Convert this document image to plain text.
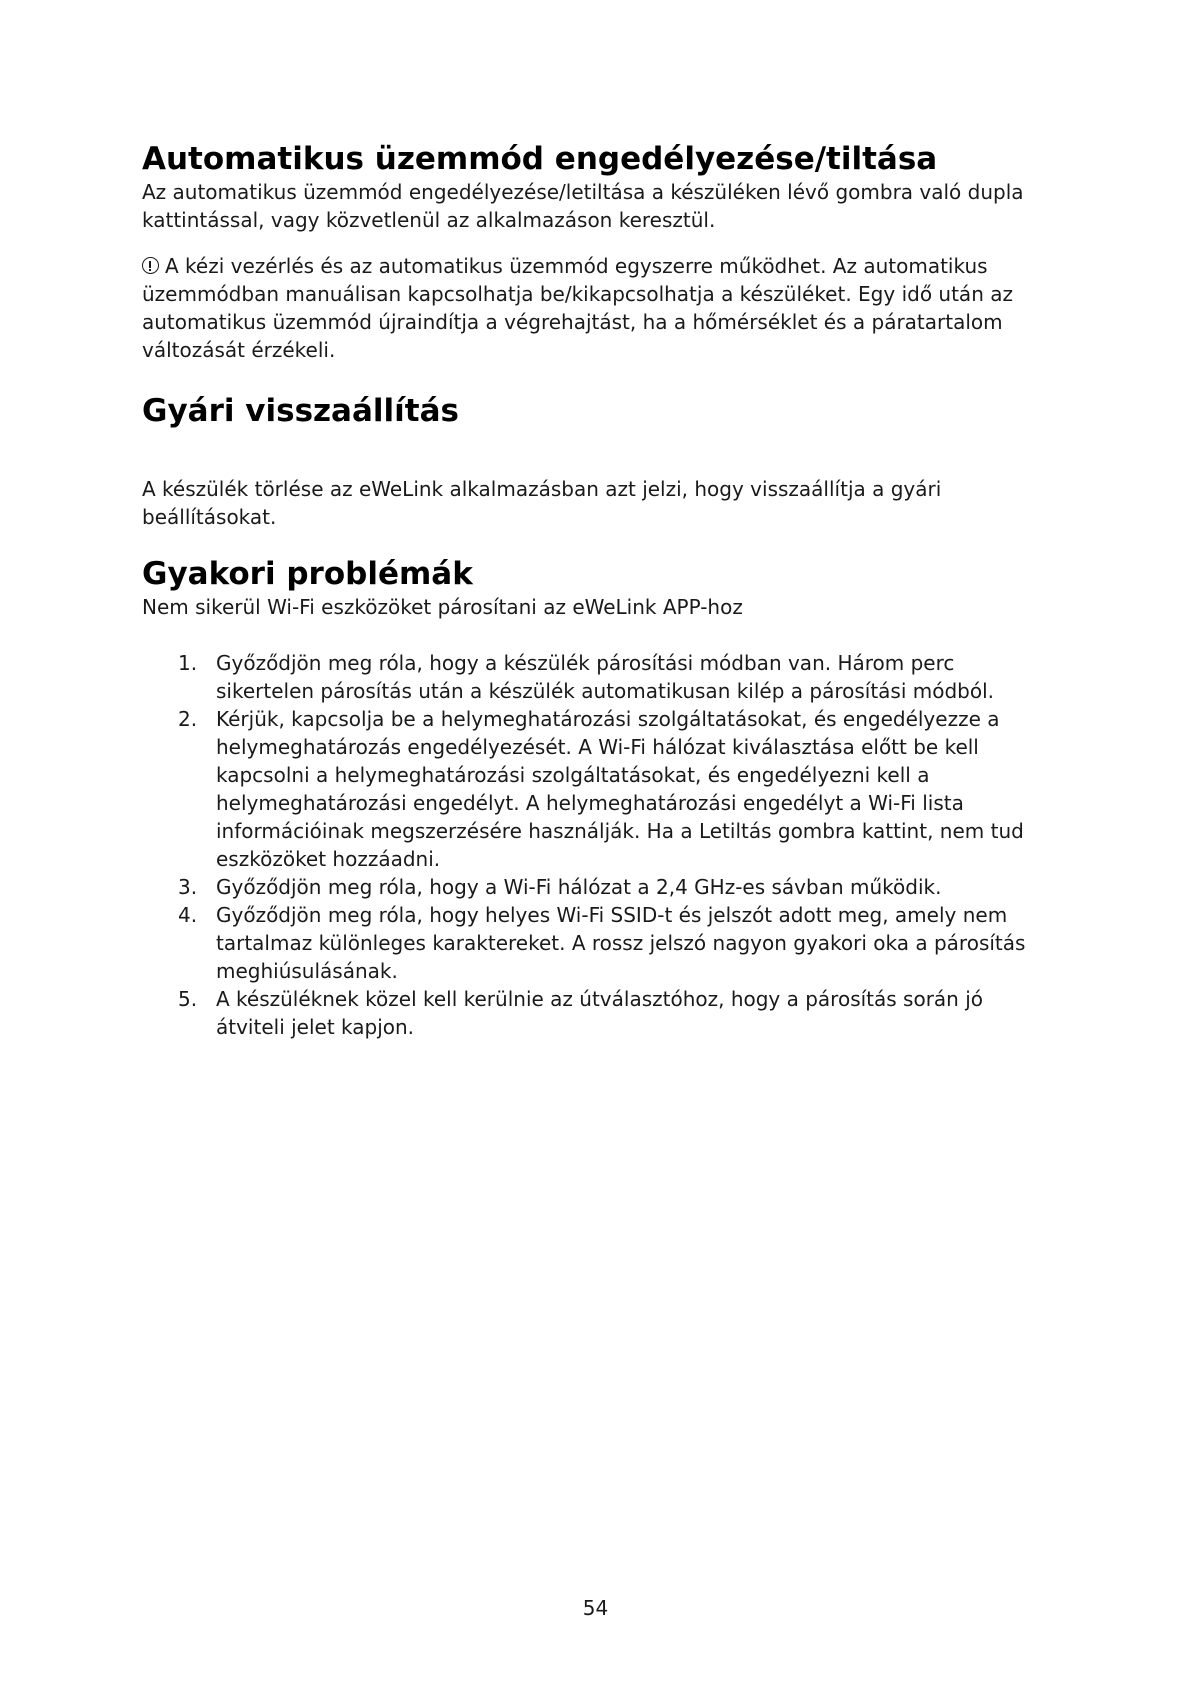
Automatikus üzemmód engedélyezése/tiltása

Az automatikus üzemmód engedélyezése/letiltása a készüléken lévő gombra való dupla kattintással, vagy közvetlenül az alkalmazáson keresztül.

A kézi vezérlés és az automatikus üzemmód egyszerre működhet. Az automatikus üzemmódban manuálisan kapcsolhatja be/kikapcsolhatja a készüléket. Egy idő után az automatikus üzemmód újraindítja a végrehajtást, ha a hőmérséklet és a páratartalom változását érzékeli.

Gyári visszaállítás

A készülék törlése az eWeLink alkalmazásban azt jelzi, hogy visszaállítja a gyári beállításokat.

Gyakori problémák

Nem sikerül Wi-Fi eszközöket párosítani az eWeLink APP-hoz

1. Győződjön meg róla, hogy a készülék párosítási módban van. Három perc sikertelen párosítás után a készülék automatikusan kilép a párosítási módból.
2. Kérjük, kapcsolja be a helymeghatározási szolgáltatásokat, és engedélyezze a helymeghatározás engedélyezését. A Wi-Fi hálózat kiválasztása előtt be kell kapcsolni a helymeghatározási szolgáltatásokat, és engedélyezni kell a helymeghatározási engedélyt. A helymeghatározási engedélyt a Wi-Fi lista információinak megszerzésére használják. Ha a Letiltás gombra kattint, nem tud eszközöket hozzáadni.
3. Győződjön meg róla, hogy a Wi-Fi hálózat a 2,4 GHz-es sávban működik.
4. Győződjön meg róla, hogy helyes Wi-Fi SSID-t és jelszót adott meg, amely nem tartalmaz különleges karaktereket. A rossz jelszó nagyon gyakori oka a párosítás meghiúsulásának.
5. A készüléknek közel kell kerülnie az útválasztóhoz, hogy a párosítás során jó átviteli jelet kapjon.
54
